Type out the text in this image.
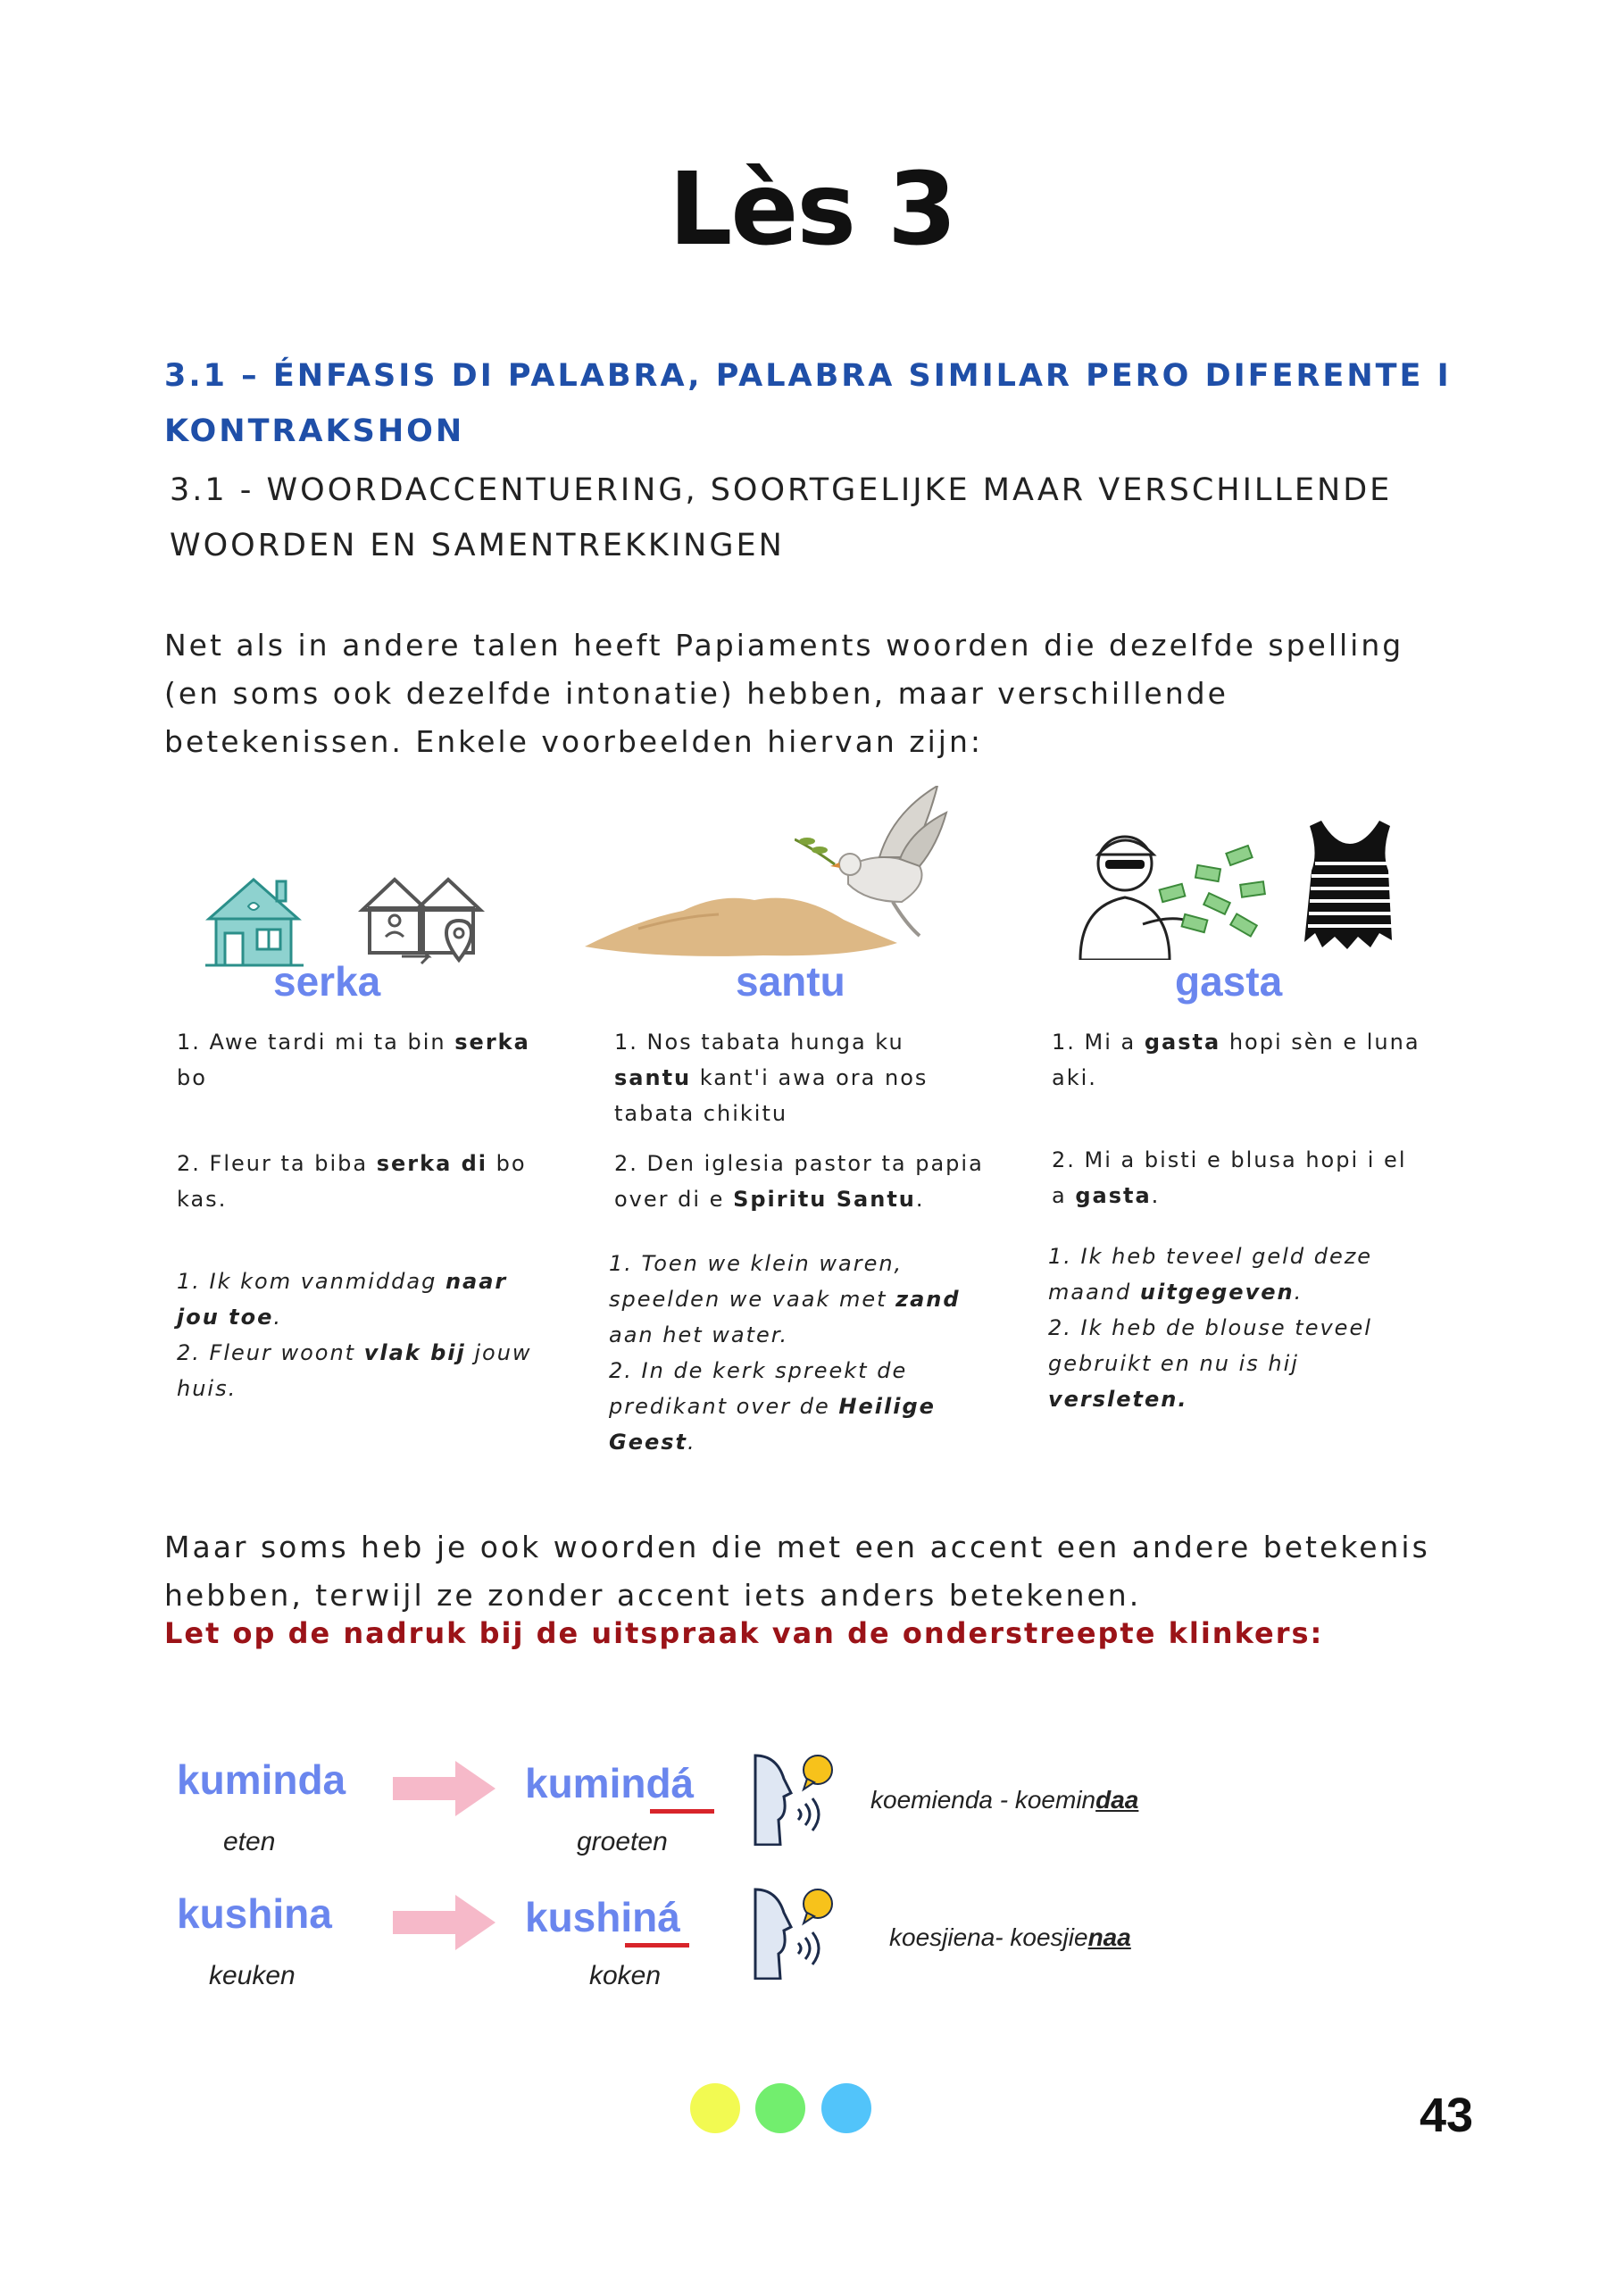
Lès 3
3.1 – ÉNFASIS DI PALABRA, PALABRA SIMILAR PERO DIFERENTE I KONTRAKSHON
3.1 - WOORDACCENTUERING, SOORTGELIJKE MAAR VERSCHILLENDE WOORDEN EN SAMENTREKKINGEN
Net als in andere talen heeft Papiaments woorden die dezelfde spelling (en soms ook dezelfde intonatie) hebben, maar verschillende betekenissen. Enkele voorbeelden hiervan zijn:
serka	santu	gasta

1. Awe tardi mi ta bin serka bo

2. Fleur ta biba serka di bo kas.

1. Ik kom vanmiddag naar jou toe.

2. Fleur woont vlak bij jouw huis.

1. Nos tabata hunga ku santu kant'i awa ora nos tabata chikitu

2. Den iglesia pastor ta papia over di e Spiritu Santu.

1. Toen we klein waren, speelden we vaak met zand aan het water.

2. In de kerk spreekt de predikant over de Heilige Geest.

1. Mi a gasta hopi sèn e luna aki.

2. Mi a bisti e blusa hopi i el a gasta.

1. Ik heb teveel geld deze maand uitgegeven.

2. Ik heb de blouse teveel gebruikt en nu is hij versleten.

Maar soms heb je ook woorden die met een accent een andere betekenis hebben, terwijl ze zonder accent iets anders betekenen.
Let op de nadruk bij de uitspraak van de onderstreepte klinkers:
kuminda
eten
kumindá
groeten
koemienda - koemindaa
kushina
keuken
kushiná
koken
koesjiena- koesjienaa
43
